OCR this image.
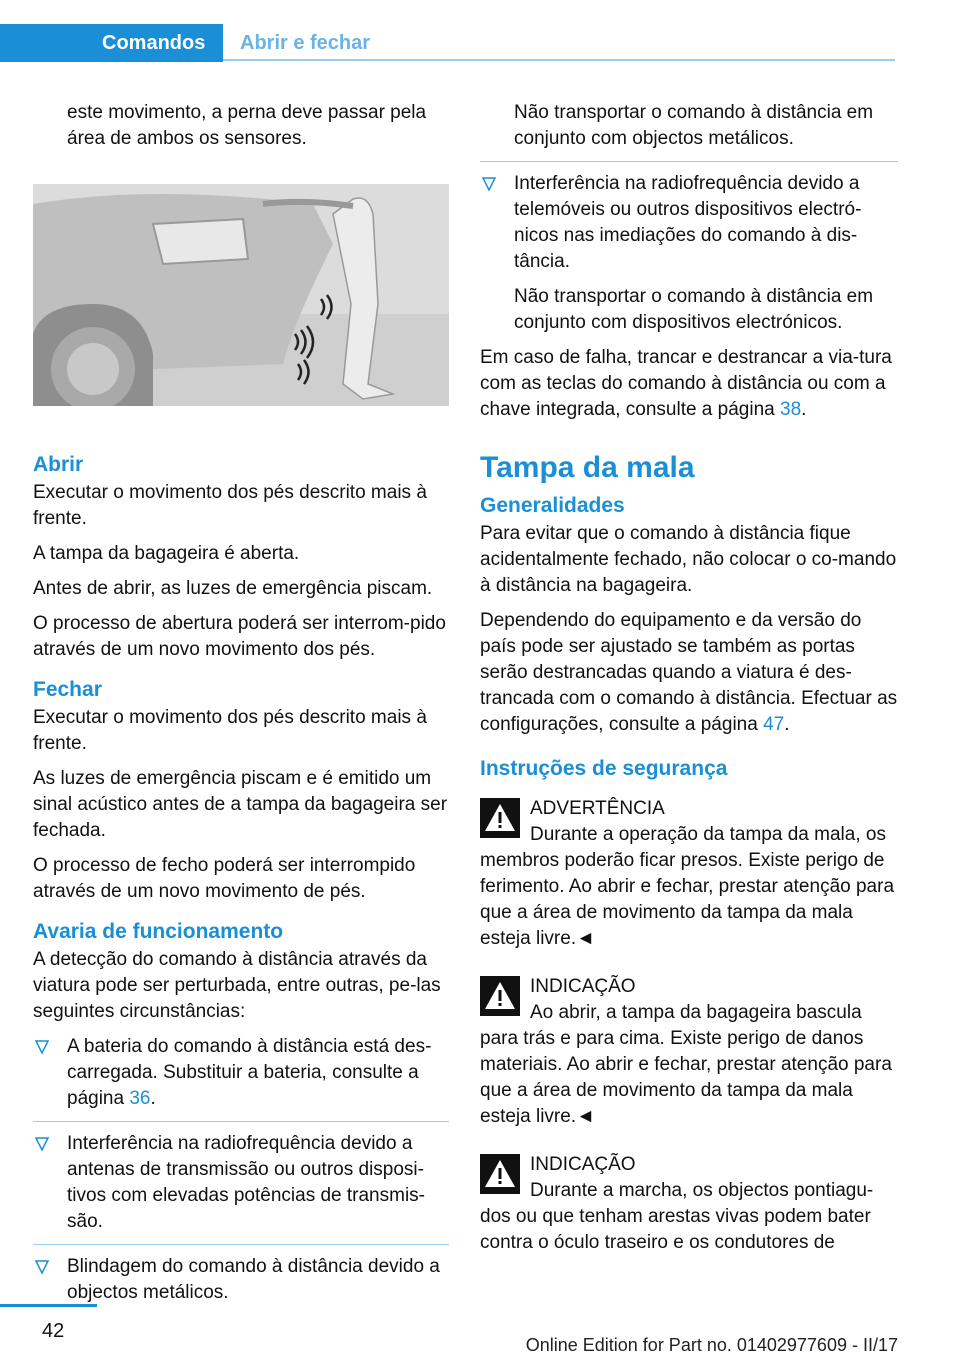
Comandos	Abrir e fechar

este movimento, a perna deve passar pela área de ambos os sensores.

Abrir

Executar o movimento dos pés descrito mais à frente.

A tampa da bagageira é aberta.

Antes de abrir, as luzes de emergência piscam.

O processo de abertura poderá ser interrom‐pido através de um novo movimento dos pés.

Fechar

Executar o movimento dos pés descrito mais à frente.

As luzes de emergência piscam e é emitido um sinal acústico antes de a tampa da bagageira ser fechada.

O processo de fecho poderá ser interrompido através de um novo movimento de pés.

Avaria de funcionamento

A detecção do comando à distância através da viatura pode ser perturbada, entre outras, pe‐las seguintes circunstâncias:

A bateria do comando à distância está des‐carregada. Substituir a bateria, consulte a página 36.
Interferência na radiofrequência devido a antenas de transmissão ou outros disposi‐tivos com elevadas potências de transmis‐são.
Blindagem do comando à distância devido a objectos metálicos.

Não transportar o comando à distância em conjunto com objectos metálicos.

Interferência na radiofrequência devido a telemóveis ou outros dispositivos electró‐nicos nas imediações do comando à dis‐tância.

Não transportar o comando à distância em conjunto com dispositivos electrónicos.

Em caso de falha, trancar e destrancar a via‐tura com as teclas do comando à distância ou com a chave integrada, consulte a página 38.

Tampa da mala
Generalidades

Para evitar que o comando à distância fique acidentalmente fechado, não colocar o co‐mando à distância na bagageira.

Dependendo do equipamento e da versão do país pode ser ajustado se também as portas serão destrancadas quando a viatura é des‐trancada com o comando à distância. Efectuar as configurações, consulte a página 47.

Instruções de segurança
ADVERTÊNCIA
Durante a operação da tampa da mala, os membros poderão ficar presos. Existe perigo de ferimento. Ao abrir e fechar, prestar atenção para que a área de movimento da tampa da mala esteja livre.◄
INDICAÇÃO
Ao abrir, a tampa da bagageira bascula para trás e para cima. Existe perigo de danos materiais. Ao abrir e fechar, prestar atenção para que a área de movimento da tampa da mala esteja livre.◄
INDICAÇÃO
Durante a marcha, os objectos pontiagu‐dos ou que tenham arestas vivas podem bater contra o óculo traseiro e os condutores de
42
Online Edition for Part no. 01402977609 - II/17
